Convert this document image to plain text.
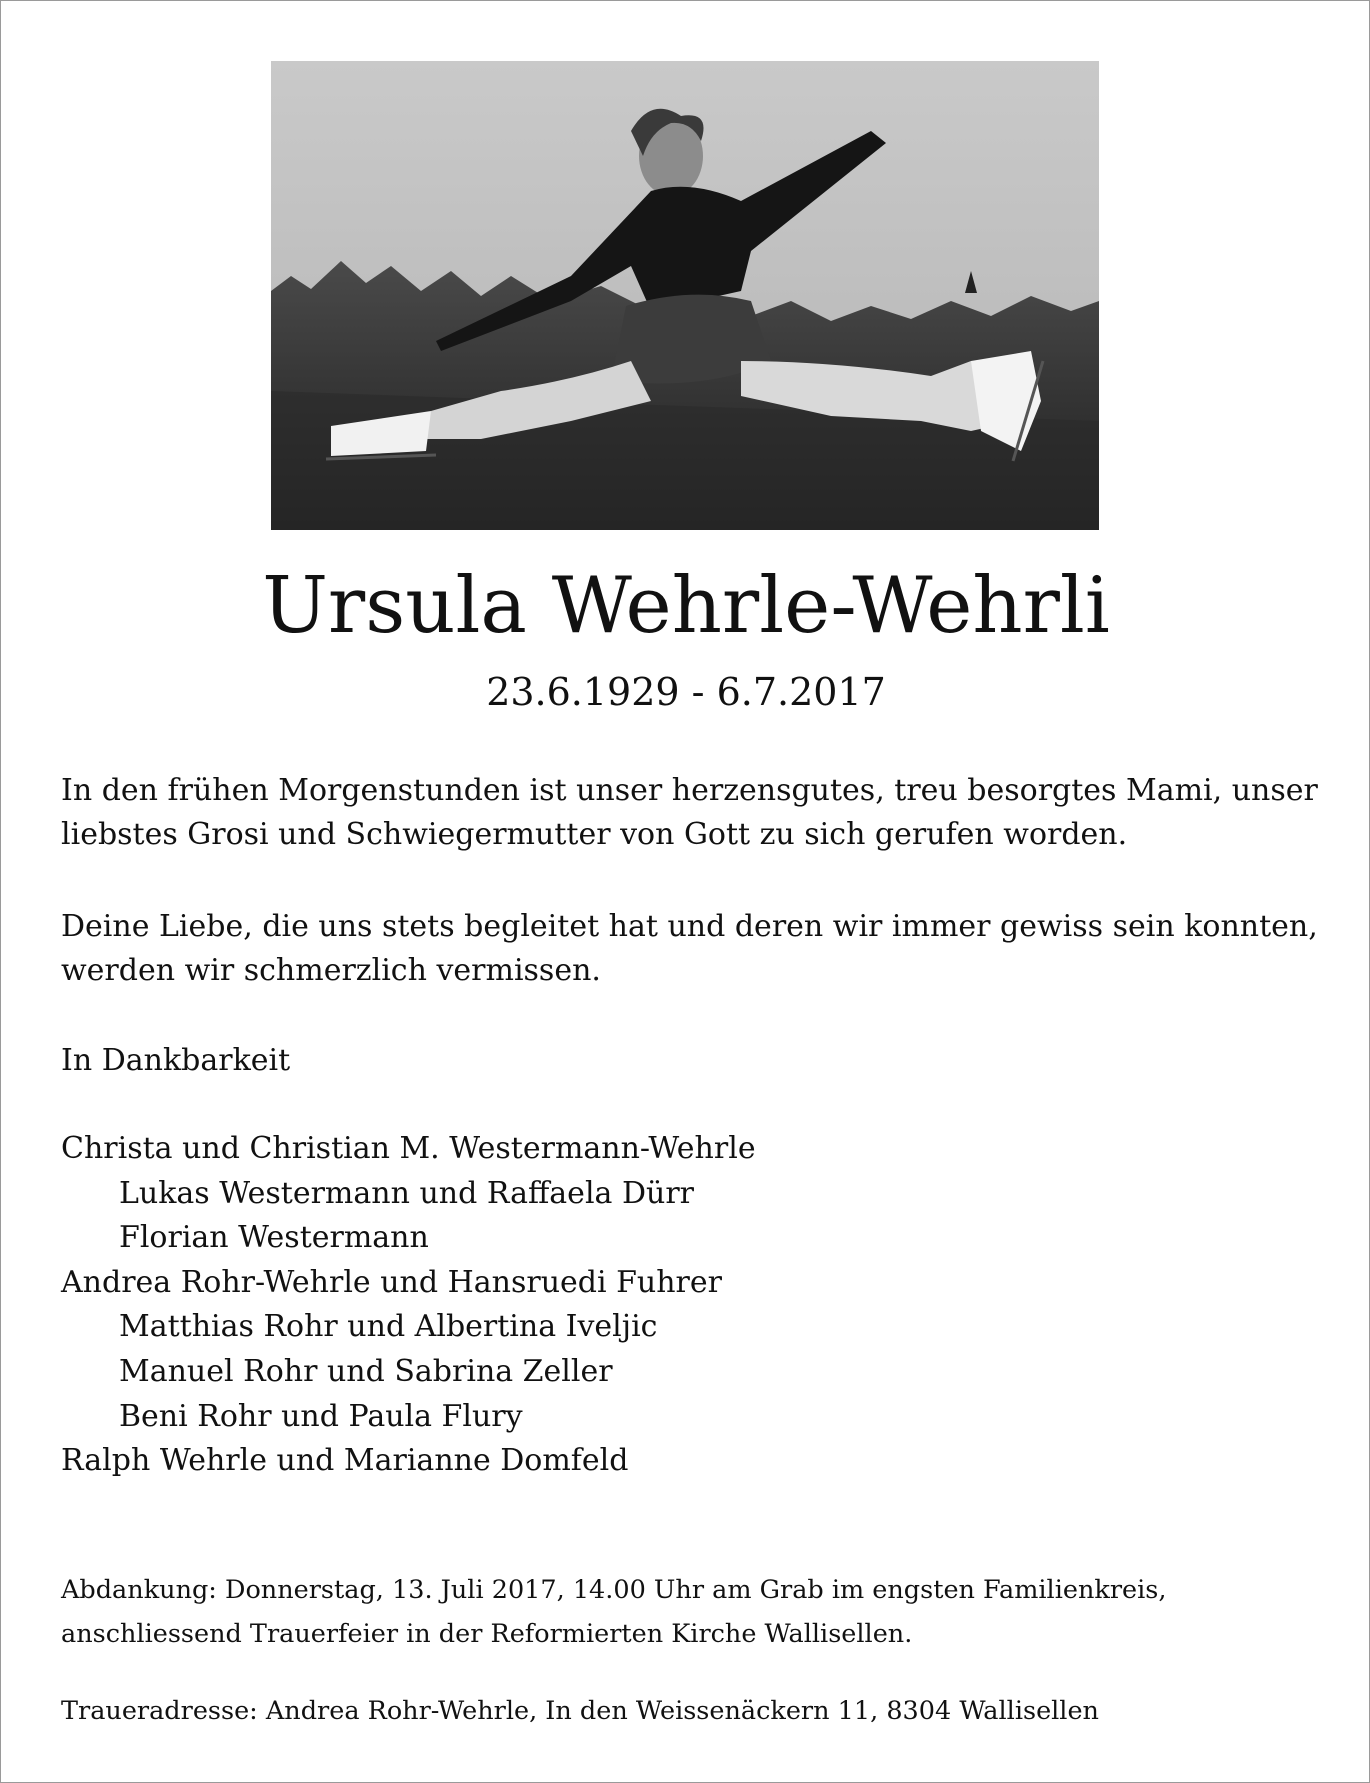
Ursula Wehrle-Wehrli
23.6.1929 - 6.7.2017

In den frühen Morgenstunden ist unser herzensgutes, treu besorgtes Mami, unser
liebstes Grosi und Schwiegermutter von Gott zu sich gerufen worden.

Deine Liebe, die uns stets begleitet hat und deren wir immer gewiss sein konnten,
werden wir schmerzlich vermissen.

In Dankbarkeit

Christa und Christian M. Westermann-Wehrle
Lukas Westermann und Raffaela Dürr
Florian Westermann
Andrea Rohr-Wehrle und Hansruedi Fuhrer
Matthias Rohr und Albertina Iveljic
Manuel Rohr und Sabrina Zeller
Beni Rohr und Paula Flury
Ralph Wehrle und Marianne Domfeld

Abdankung: Donnerstag, 13. Juli 2017, 14.00 Uhr am Grab im engsten Familienkreis,
anschliessend Trauerfeier in der Reformierten Kirche Wallisellen.

Traueradresse: Andrea Rohr-Wehrle, In den Weissenäckern 11, 8304 Wallisellen
